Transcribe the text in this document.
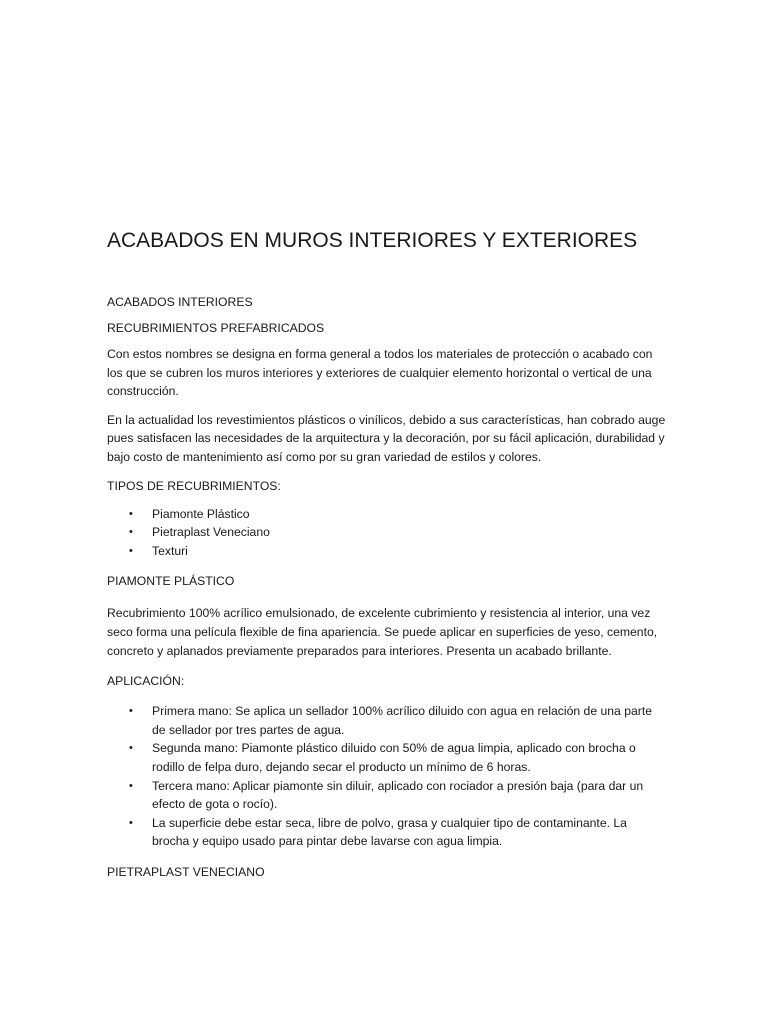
ACABADOS EN MUROS INTERIORES Y EXTERIORES
ACABADOS INTERIORES
RECUBRIMIENTOS PREFABRICADOS

Con estos nombres se designa en forma general a todos los materiales de protección o acabado con los que se cubren los muros interiores y exteriores de cualquier elemento horizontal o vertical de una construcción.

En la actualidad los revestimientos plásticos o vinílicos, debido a sus características, han cobrado auge pues satisfacen las necesidades de la arquitectura y la decoración, por su fácil aplicación, durabilidad y bajo costo de mantenimiento así como por su gran variedad de estilos y colores.

TIPOS DE RECUBRIMIENTOS:
• Piamonte Plástico
• Pietraplast Veneciano
• Texturi
PIAMONTE PLÁSTICO

Recubrimiento 100% acrílico emulsionado, de excelente cubrimiento y resistencia al interior, una vez seco forma una película flexible de fina apariencia. Se puede aplicar en superficies de yeso, cemento, concreto y aplanados previamente preparados para interiores. Presenta un acabado brillante.

APLICACIÓN:
• Primera mano: Se aplica un sellador 100% acrílico diluido con agua en relación de una parte de sellador por tres partes de agua.
• Segunda mano: Piamonte plástico diluido con 50% de agua limpia, aplicado con brocha o rodillo de felpa duro, dejando secar el producto un mínimo de 6 horas.
• Tercera mano: Aplicar piamonte sin diluir, aplicado con rociador a presión baja (para dar un efecto de gota o rocío).
• La superficie debe estar seca, libre de polvo, grasa y cualquier tipo de contaminante. La brocha y equipo usado para pintar debe lavarse con agua limpia.
PIETRAPLAST VENECIANO
